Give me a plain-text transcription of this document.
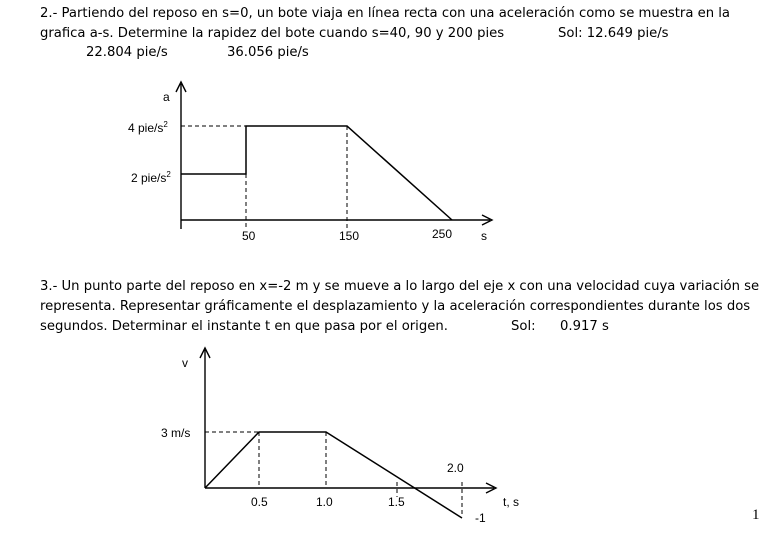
2.- Partiendo del reposo en s=0, un bote viaja en línea recta con una aceleración como se muestra en la
grafica a-s. Determine la rapidez del bote cuando s=40, 90 y 200 pies	Sol: 12.649 pie/s
22.804 pie/s	36.056 pie/s
a
4 pie/$s^2$
2 pie/$s^2$
50	150	250 s
3.- Un punto parte del reposo en x=-2 m y se mueve a lo largo del eje x con una velocidad cuya variación se
representa. Representar gráficamente el desplazamiento y la aceleración correspondientes durante los dos
segundos. Determinar el instante t en que pasa por el origen.	Sol: 0.917 s
v
3 m/s
0.5	1.0	1.5
2.0
t, s
-1	1
